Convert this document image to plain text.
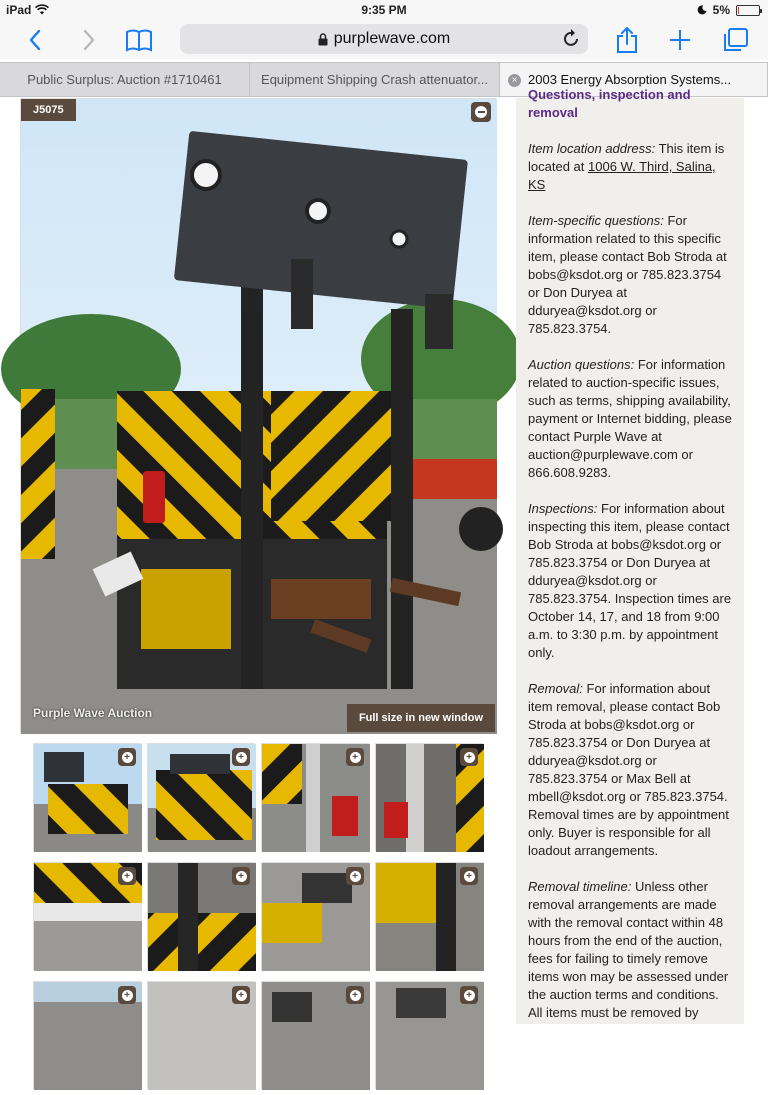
iPad	9:35 PM	5%
purplewave.com
Public Surplus: Auction #1710461	Equipment Shipping Crash attenuator...	× 2003 Energy Absorption Systems...
J5075
Purple Wave Auction	Full size in new window
+	+	+	+
+	+	+	+
+	+	+	+
Questions, inspection and removal

Item location address: This item is located at 1006 W. Third, Salina, KS

Item-specific questions: For information related to this specific item, please contact Bob Stroda at bobs@ksdot.org or 785.823.3754 or Don Duryea at dduryea@ksdot.org or 785.823.3754.

Auction questions: For information related to auction-specific issues, such as terms, shipping availability, payment or Internet bidding, please contact Purple Wave at auction@purplewave.com or 866.608.9283.

Inspections: For information about inspecting this item, please contact Bob Stroda at bobs@ksdot.org or 785.823.3754 or Don Duryea at dduryea@ksdot.org or 785.823.3754. Inspection times are October 14, 17, and 18 from 9:00 a.m. to 3:30 p.m. by appointment only.

Removal: For information about item removal, please contact Bob Stroda at bobs@ksdot.org or 785.823.3754 or Don Duryea at dduryea@ksdot.org or 785.823.3754 or Max Bell at mbell@ksdot.org or 785.823.3754. Removal times are by appointment only. Buyer is responsible for all loadout arrangements.

Removal timeline: Unless other removal arrangements are made with the removal contact within 48 hours from the end of the auction, fees for failing to timely remove items won may be assessed under the auction terms and conditions. All items must be removed by
